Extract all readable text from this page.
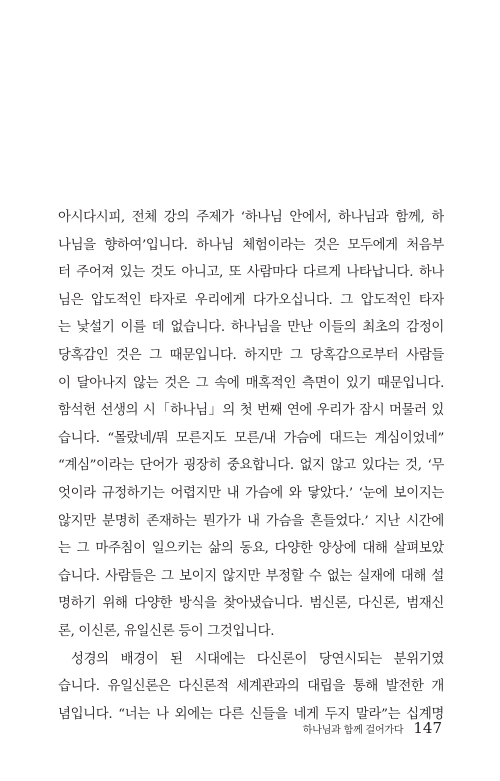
아시다시피, 전체 강의 주제가 ‘하나님 안에서, 하나님과 함께, 하
나님을 향하여’입니다. 하나님 체험이라는 것은 모두에게 처음부
터 주어져 있는 것도 아니고, 또 사람마다 다르게 나타납니다. 하나
님은 압도적인 타자로 우리에게 다가오십니다. 그 압도적인 타자
는 낯설기 이를 데 없습니다. 하나님을 만난 이들의 최초의 감정이
당혹감인 것은 그 때문입니다. 하지만 그 당혹감으로부터 사람들
이 달아나지 않는 것은 그 속에 매혹적인 측면이 있기 때문입니다.
함석헌 선생의 시「하나님」의 첫 번째 연에 우리가 잠시 머물러 있
습니다. “몰랐네/뭐 모른지도 모른/내 가슴에 대드는 계심이었네”
“계심”이라는 단어가 굉장히 중요합니다. 없지 않고 있다는 것, ‘무
엇이라 규정하기는 어렵지만 내 가슴에 와 닿았다.’ ‘눈에 보이지는
않지만 분명히 존재하는 뭔가가 내 가슴을 흔들었다.’ 지난 시간에
는 그 마주침이 일으키는 삶의 동요, 다양한 양상에 대해 살펴보았
습니다. 사람들은 그 보이지 않지만 부정할 수 없는 실재에 대해 설
명하기 위해 다양한 방식을 찾아냈습니다. 범신론, 다신론, 범재신
론, 이신론, 유일신론 등이 그것입니다.
성경의 배경이 된 시대에는 다신론이 당연시되는 분위기였
습니다. 유일신론은 다신론적 세계관과의 대립을 통해 발전한 개
념입니다. “너는 나 외에는 다른 신들을 네게 두지 말라”는 십계명
하나님과 함께 걸어가다 147
